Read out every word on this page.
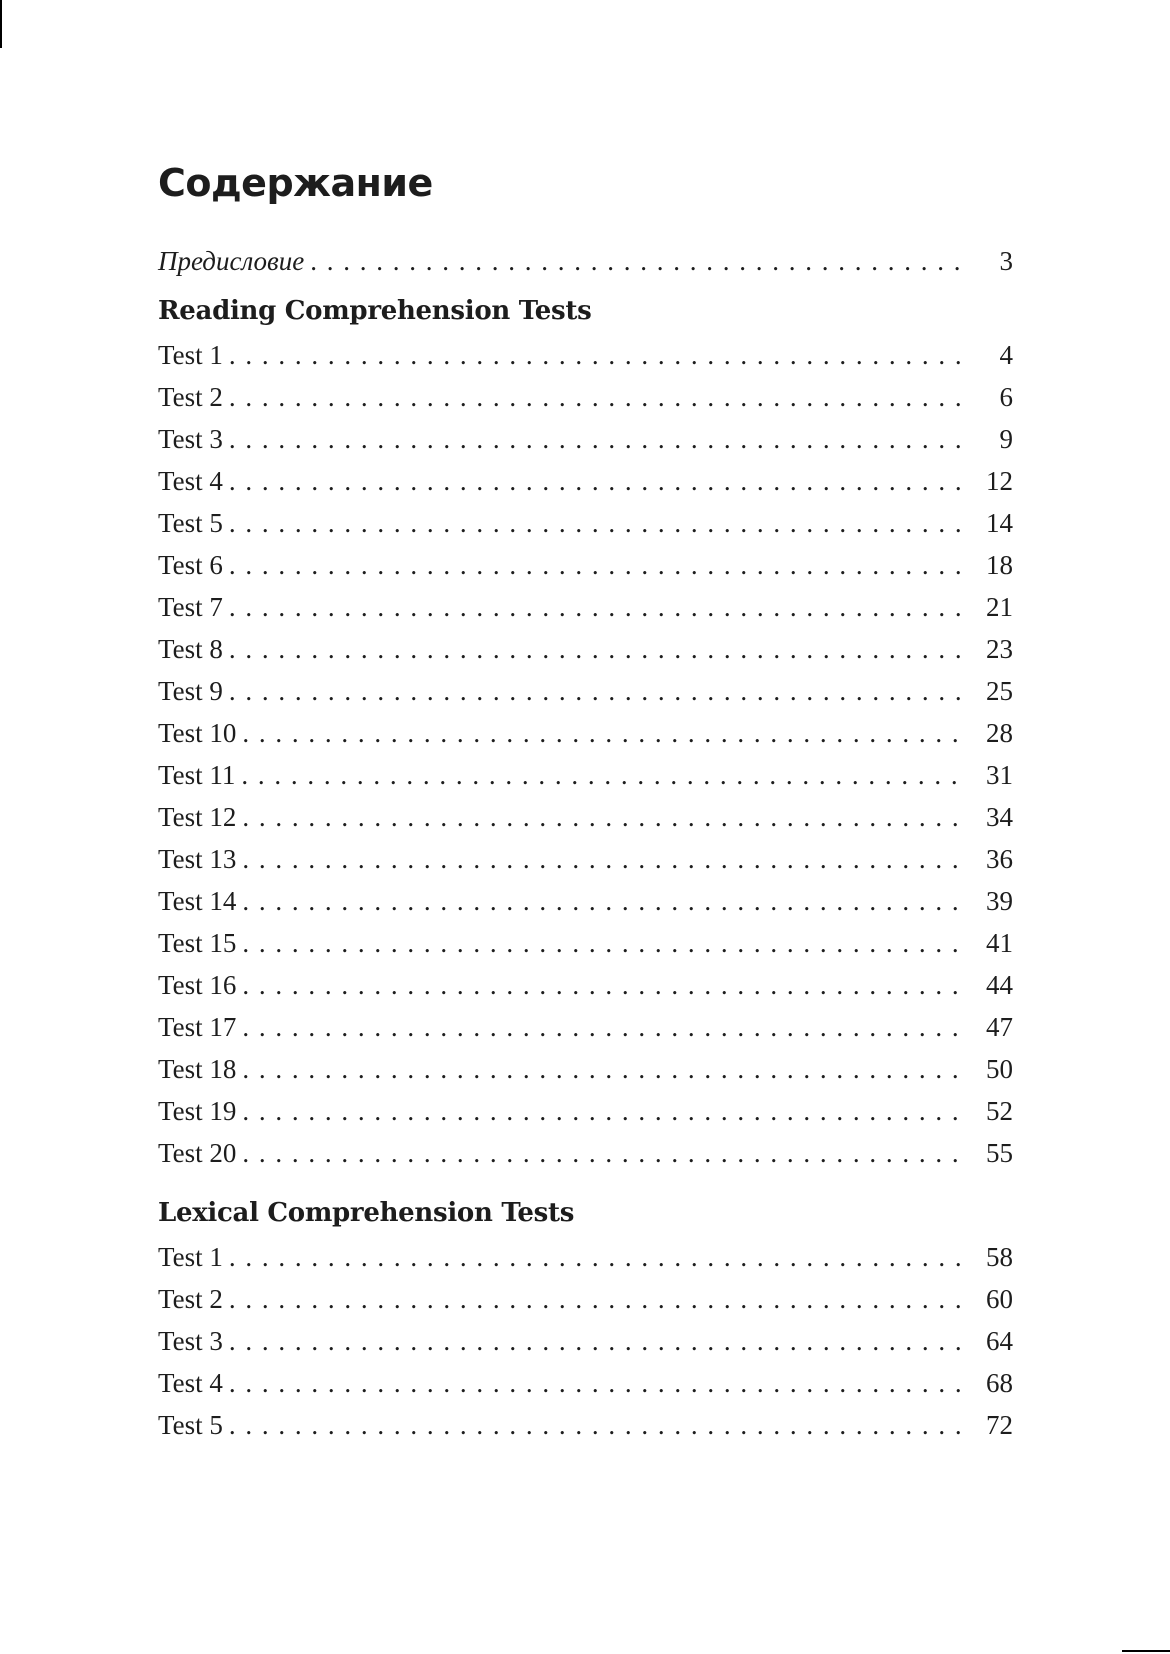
Содержание
Предисловие . . .	3
Reading Comprehension Tests
Test 1 . . .	4
Test 2 . . .	6
Test 3 . . .	9
Test 4 . . .	12
Test 5 . . .	14
Test 6 . . .	18
Test 7 . . .	21
Test 8 . . .	23
Test 9 . . .	25
Test 10 . . .	28
Test 11 . . .	31
Test 12 . . .	34
Test 13 . . .	36
Test 14 . . .	39
Test 15 . . .	41
Test 16 . . .	44
Test 17 . . .	47
Test 18 . . .	50
Test 19 . . .	52
Test 20 . . .	55
Lexical Comprehension Tests
Test 1 . . .	58
Test 2 . . .	60
Test 3 . . .	64
Test 4 . . .	68
Test 5 . . .	72
